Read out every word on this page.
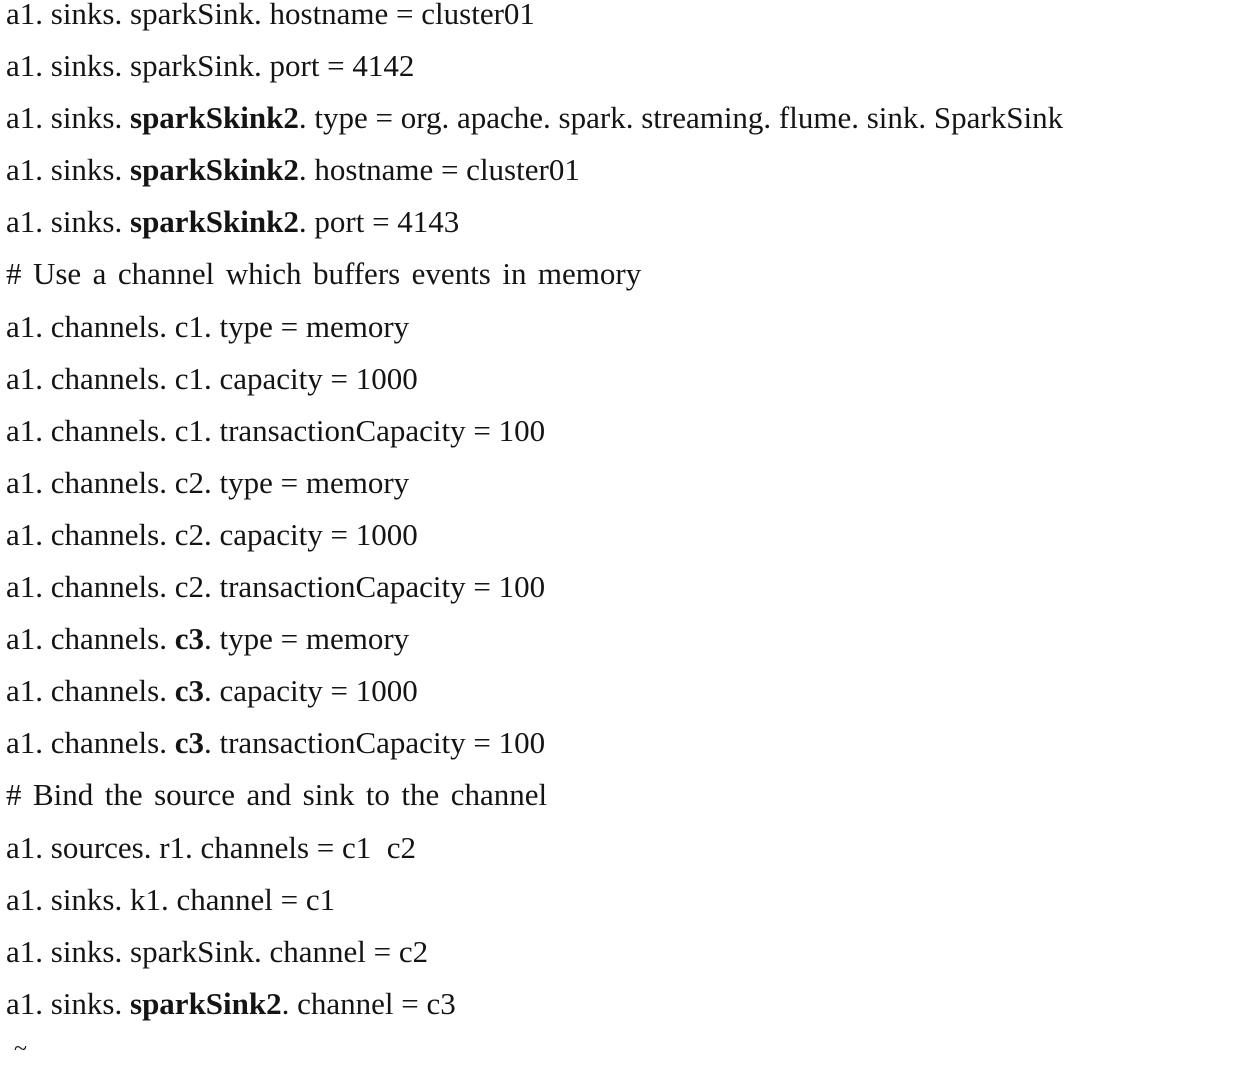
a1. sinks. sparkSink. hostname = cluster01
a1. sinks. sparkSink. port = 4142
a1. sinks. sparkSkink2. type = org. apache. spark. streaming. flume. sink. SparkSink
a1. sinks. sparkSkink2. hostname = cluster01
a1. sinks. sparkSkink2. port = 4143
# Use a channel which buffers events in memory
a1. channels. c1. type = memory
a1. channels. c1. capacity = 1000
a1. channels. c1. transactionCapacity = 100
a1. channels. c2. type = memory
a1. channels. c2. capacity = 1000
a1. channels. c2. transactionCapacity = 100
a1. channels. c3. type = memory
a1. channels. c3. capacity = 1000
a1. channels. c3. transactionCapacity = 100
# Bind the source and sink to the channel
a1. sources. r1. channels = c1  c2
a1. sinks. k1. channel = c1
a1. sinks. sparkSink. channel = c2
a1. sinks. sparkSink2. channel = c3
~
